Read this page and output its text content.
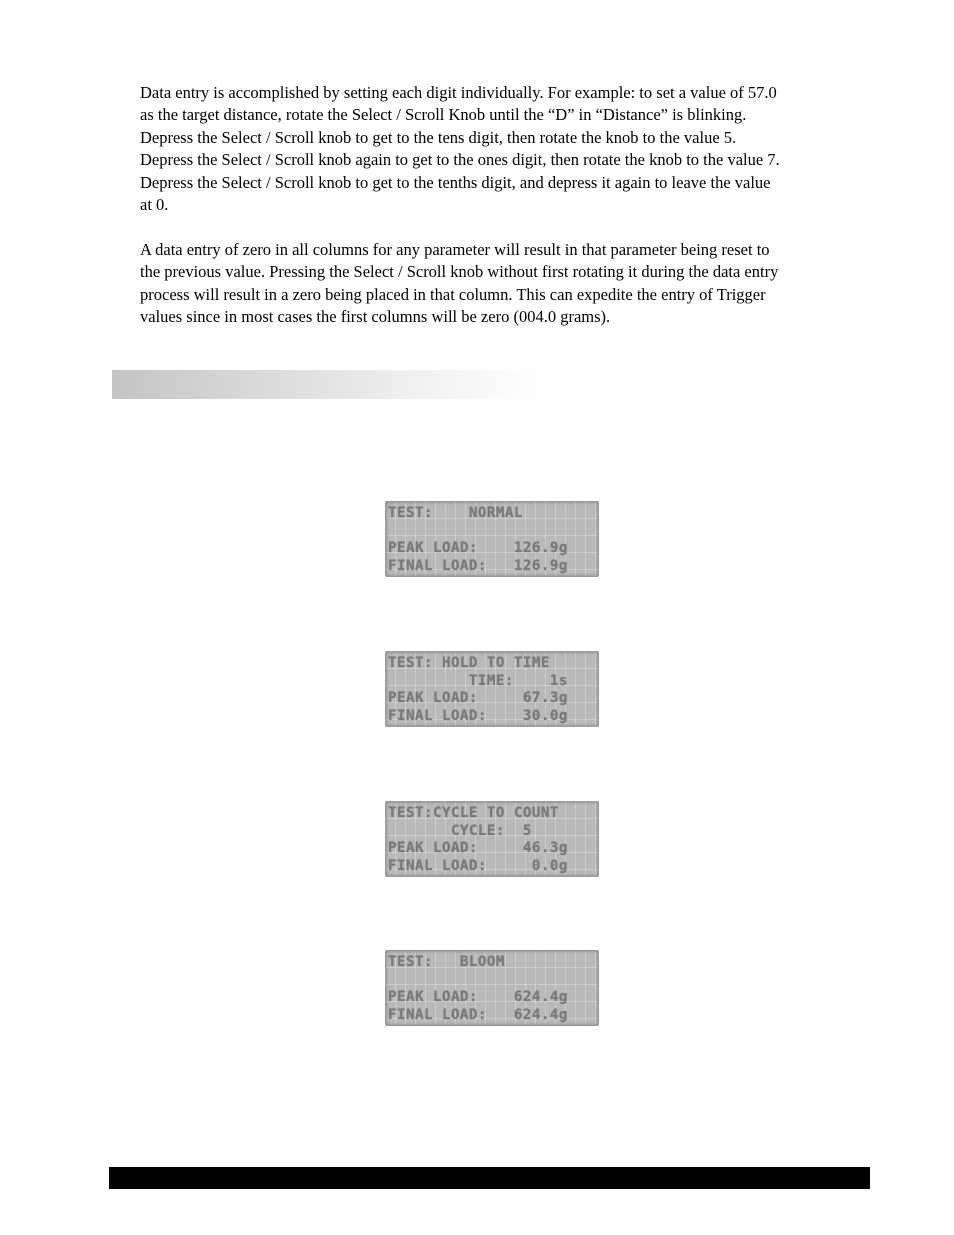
Data entry is accomplished by setting each digit individually. For example: to set a value of 57.0
as the target distance, rotate the Select / Scroll Knob until the “D” in “Distance” is blinking.
Depress the Select / Scroll knob to get to the tens digit, then rotate the knob to the value 5.
Depress the Select / Scroll knob again to get to the ones digit, then rotate the knob to the value 7.
Depress the Select / Scroll knob to get to the tenths digit, and depress it again to leave the value
at 0.
A data entry of zero in all columns for any parameter will result in that parameter being reset to
the previous value. Pressing the Select / Scroll knob without first rotating it during the data entry
process will result in a zero being placed in that column. This can expedite the entry of Trigger
values since in most cases the first columns will be zero (004.0 grams).
TEST:    NORMAL
PEAK LOAD:    126.9g
FINAL LOAD:   126.9g
TEST: HOLD TO TIME
TIME:    1s
PEAK LOAD:     67.3g
FINAL LOAD:    30.0g
TEST:CYCLE TO COUNT
CYCLE:  5
PEAK LOAD:     46.3g
FINAL LOAD:     0.0g
TEST:   BLOOM
PEAK LOAD:    624.4g
FINAL LOAD:   624.4g
